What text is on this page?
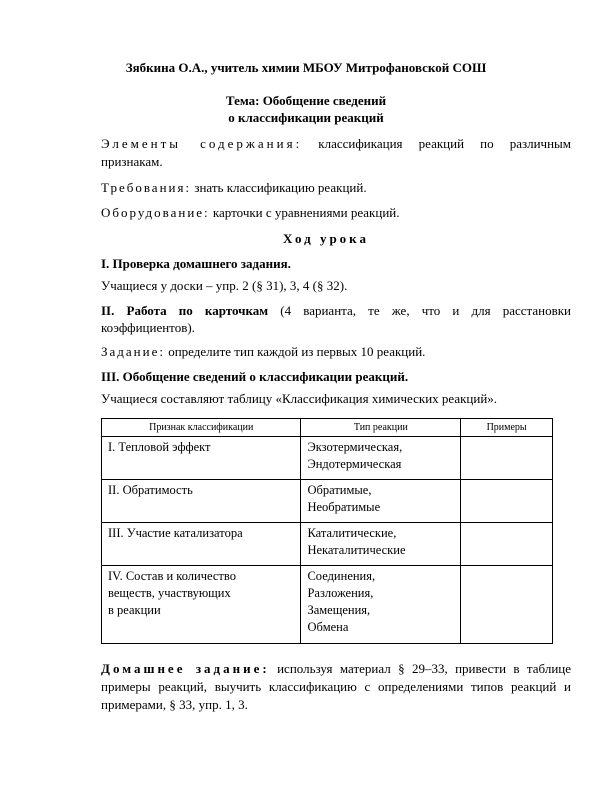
Зябкина О.А., учитель химии МБОУ Митрофановской СОШ
Тема: Обобщение сведений
о классификации реакций
Элементы содержания: классификация реакций по различным
признакам.
Требования: знать классификацию реакций.
Оборудование: карточки с уравнениями реакций.
Ход урока
I. Проверка домашнего задания.
Учащиеся у доски – упр. 2 (§ 31), 3, 4 (§ 32).
II. Работа по карточкам (4 варианта, те же, что и для расстановки
коэффициентов).
Задание: определите тип каждой из первых 10 реакций.
III. Обобщение сведений о классификации реакций.
Учащиеся составляют таблицу «Классификация химических реакций».
Признак классификации	Тип реакции	Примеры

I. Тепловой эффект	Экзотермическая,
Эндотермическая	

II. Обратимость	Обратимые,
Необратимые	

III. Участие катализатора	Каталитические,
Некаталитические	

IV. Состав и количество
веществ, участвующих
в реакции	Соединения,
Разложения,
Замещения,
Обмена	

Домашнее задание: используя материал § 29–33, привести в таблице
примеры реакций, выучить классификацию с определениями типов реакций и
примерами, § 33, упр. 1, 3.
